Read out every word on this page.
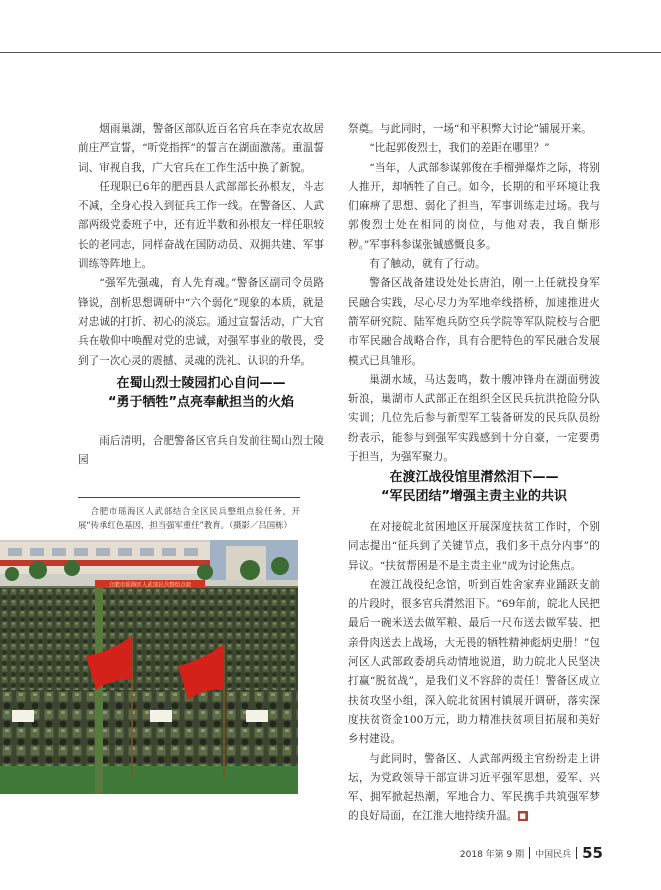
烟雨巢湖，警备区部队近百名官兵在李克农故居前庄严宣誓，“听党指挥”的誓言在湖面激荡。重温誓词、审视自我，广大官兵在工作生活中换了新貌。

任现职已6年的肥西县人武部部长孙根友，斗志不减，全身心投入到征兵工作一线。在警备区、人武部两级党委班子中，还有近半数和孙根友一样任职较长的老同志，同样奋战在国防动员、双拥共建、军事训练等阵地上。

“强军先强魂，育人先育魂。”警备区副司令员路锋说，剖析思想调研中“六个弱化”现象的本质，就是对忠诚的打折、初心的淡忘。通过宣誓活动，广大官兵在敬仰中唤醒对党的忠诚，对强军事业的敬畏，受到了一次心灵的震撼、灵魂的洗礼、认识的升华。

在蜀山烈士陵园扪心自问——
“勇于牺牲”点亮奉献担当的火焰

雨后清明，合肥警备区官兵自发前往蜀山烈士陵园

合肥市瑶海区人武部结合全区民兵整组点验任务，开展“传承红色基因，担当强军重任”教育。（摄影／吕国栋）
合肥市瑶海区人武部民兵整组点验

祭奠。与此同时，一场“和平积弊大讨论”铺展开来。

“比起郭俊烈士，我们的差距在哪里？”

“当年，人武部参谋郭俊在手榴弹爆炸之际，将别人推开，却牺牲了自己。如今，长期的和平环境让我们麻痹了思想、弱化了担当，军事训练走过场。我与郭俊烈士处在相同的岗位，与他对表，我自惭形秽。”军事科参谋张铖感慨良多。

有了触动，就有了行动。

警备区战备建设处处长唐泊，刚一上任就投身军民融合实践，尽心尽力为军地牵线搭桥，加速推进火箭军研究院、陆军炮兵防空兵学院等军队院校与合肥市军民融合战略合作，具有合肥特色的军民融合发展模式已具雏形。

巢湖水域，马达轰鸣，数十艘冲锋舟在湖面劈波斩浪，巢湖市人武部正在组织全区民兵抗洪抢险分队实训；几位先后参与新型军工装备研发的民兵队员纷纷表示，能参与到强军实践感到十分自豪，一定要勇于担当，为强军聚力。

在渡江战役馆里潸然泪下——
“军民团结”增强主责主业的共识

在对接皖北贫困地区开展深度扶贫工作时，个别同志提出“征兵到了关键节点，我们多干点分内事”的异议。“扶贫帮困是不是主责主业”成为讨论焦点。

在渡江战役纪念馆，听到百姓舍家弃业踊跃支前的片段时，很多官兵潸然泪下。“69年前，皖北人民把最后一碗米送去做军粮、最后一尺布送去做军装、把亲骨肉送去上战场，大无畏的牺牲精神彪炳史册！”包河区人武部政委胡兵动情地说道，助力皖北人民坚决打赢“脱贫战”，是我们义不容辞的责任！警备区成立扶贫攻坚小组，深入皖北贫困村镇展开调研，落实深度扶贫资金100万元，助力精准扶贫项目拓展和美好乡村建设。

与此同时，警备区、人武部两级主官纷纷走上讲坛，为党政领导干部宣讲习近平强军思想，爱军、兴军、拥军掀起热潮，军地合力、军民携手共筑强军梦的良好局面，在江淮大地持续升温。 ■

2018 年第 9 期 中国民兵 55
